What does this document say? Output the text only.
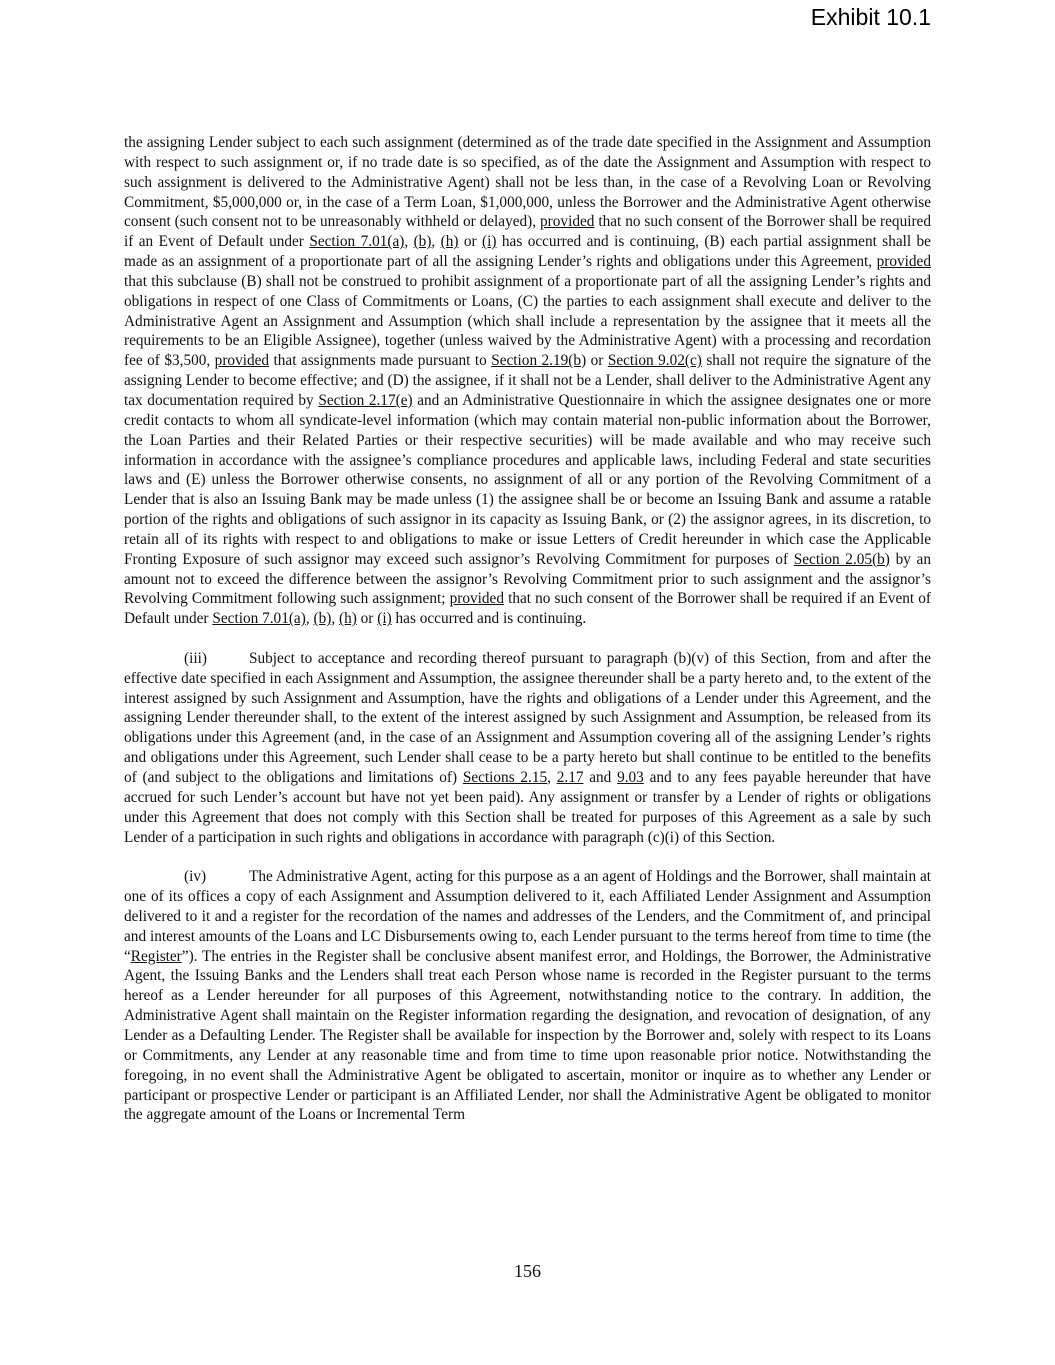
Exhibit 10.1

the assigning Lender subject to each such assignment (determined as of the trade date specified in the Assignment and Assumption with respect to such assignment or, if no trade date is so specified, as of the date the Assignment and Assumption with respect to such assignment is delivered to the Administrative Agent) shall not be less than, in the case of a Revolving Loan or Revolving Commitment, $5,000,000 or, in the case of a Term Loan, $1,000,000, unless the Borrower and the Administrative Agent otherwise consent (such consent not to be unreasonably withheld or delayed), provided that no such consent of the Borrower shall be required if an Event of Default under Section 7.01(a), (b), (h) or (i) has occurred and is continuing, (B) each partial assignment shall be made as an assignment of a proportionate part of all the assigning Lender’s rights and obligations under this Agreement, provided that this subclause (B) shall not be construed to prohibit assignment of a proportionate part of all the assigning Lender’s rights and obligations in respect of one Class of Commitments or Loans, (C) the parties to each assignment shall execute and deliver to the Administrative Agent an Assignment and Assumption (which shall include a representation by the assignee that it meets all the requirements to be an Eligible Assignee), together (unless waived by the Administrative Agent) with a processing and recordation fee of $3,500, provided that assignments made pursuant to Section 2.19(b) or Section 9.02(c) shall not require the signature of the assigning Lender to become effective; and (D) the assignee, if it shall not be a Lender, shall deliver to the Administrative Agent any tax documentation required by Section 2.17(e) and an Administrative Questionnaire in which the assignee designates one or more credit contacts to whom all syndicate-level information (which may contain material non-public information about the Borrower, the Loan Parties and their Related Parties or their respective securities) will be made available and who may receive such information in accordance with the assignee’s compliance procedures and applicable laws, including Federal and state securities laws and (E) unless the Borrower otherwise consents, no assignment of all or any portion of the Revolving Commitment of a Lender that is also an Issuing Bank may be made unless (1) the assignee shall be or become an Issuing Bank and assume a ratable portion of the rights and obligations of such assignor in its capacity as Issuing Bank, or (2) the assignor agrees, in its discretion, to retain all of its rights with respect to and obligations to make or issue Letters of Credit hereunder in which case the Applicable Fronting Exposure of such assignor may exceed such assignor’s Revolving Commitment for purposes of Section 2.05(b) by an amount not to exceed the difference between the assignor’s Revolving Commitment prior to such assignment and the assignor’s Revolving Commitment following such assignment; provided that no such consent of the Borrower shall be required if an Event of Default under Section 7.01(a), (b), (h) or (i) has occurred and is continuing.

(iii)	Subject to acceptance and recording thereof pursuant to paragraph (b)(v) of this Section, from and after the effective date specified in each Assignment and Assumption, the assignee thereunder shall be a party hereto and, to the extent of the interest assigned by such Assignment and Assumption, have the rights and obligations of a Lender under this Agreement, and the assigning Lender thereunder shall, to the extent of the interest assigned by such Assignment and Assumption, be released from its obligations under this Agreement (and, in the case of an Assignment and Assumption covering all of the assigning Lender’s rights and obligations under this Agreement, such Lender shall cease to be a party hereto but shall continue to be entitled to the benefits of (and subject to the obligations and limitations of) Sections 2.15, 2.17 and 9.03 and to any fees payable hereunder that have accrued for such Lender’s account but have not yet been paid). Any assignment or transfer by a Lender of rights or obligations under this Agreement that does not comply with this Section shall be treated for purposes of this Agreement as a sale by such Lender of a participation in such rights and obligations in accordance with paragraph (c)(i) of this Section.

(iv)	The Administrative Agent, acting for this purpose as a an agent of Holdings and the Borrower, shall maintain at one of its offices a copy of each Assignment and Assumption delivered to it, each Affiliated Lender Assignment and Assumption delivered to it and a register for the recordation of the names and addresses of the Lenders, and the Commitment of, and principal and interest amounts of the Loans and LC Disbursements owing to, each Lender pursuant to the terms hereof from time to time (the “Register”). The entries in the Register shall be conclusive absent manifest error, and Holdings, the Borrower, the Administrative Agent, the Issuing Banks and the Lenders shall treat each Person whose name is recorded in the Register pursuant to the terms hereof as a Lender hereunder for all purposes of this Agreement, notwithstanding notice to the contrary. In addition, the Administrative Agent shall maintain on the Register information regarding the designation, and revocation of designation, of any Lender as a Defaulting Lender. The Register shall be available for inspection by the Borrower and, solely with respect to its Loans or Commitments, any Lender at any reasonable time and from time to time upon reasonable prior notice. Notwithstanding the foregoing, in no event shall the Administrative Agent be obligated to ascertain, monitor or inquire as to whether any Lender or participant or prospective Lender or participant is an Affiliated Lender, nor shall the Administrative Agent be obligated to monitor the aggregate amount of the Loans or Incremental Term

156
